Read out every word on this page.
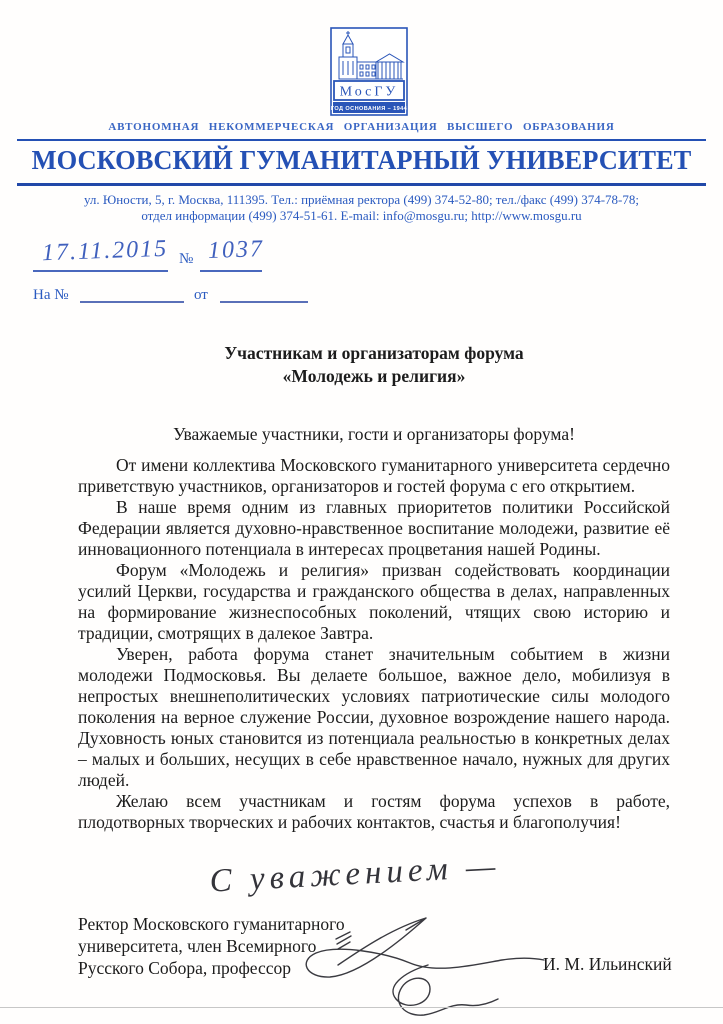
МосГУ
ГОД ОСНОВАНИЯ – 1944
АВТОНОМНАЯ НЕКОММЕРЧЕСКАЯ ОРГАНИЗАЦИЯ ВЫСШЕГО ОБРАЗОВАНИЯ
МОСКОВСКИЙ ГУМАНИТАРНЫЙ УНИВЕРСИТЕТ
ул. Юности, 5, г. Москва, 111395. Тел.: приёмная ректора (499) 374-52-80; тел./факс (499) 374-78-78;
отдел информации (499) 374-51-61. E-mail: info@mosgu.ru; http://www.mosgu.ru
17.11.2015 № 1037
На №	от
Участникам и организаторам форума
«Молодежь и религия»
Уважаемые участники, гости и организаторы форума!

От имени коллектива Московского гуманитарного университета сердечно приветствую участников, организаторов и гостей форума с его открытием.

В наше время одним из главных приоритетов политики Российской Федерации является духовно-нравственное воспитание молодежи, развитие её инновационного потенциала в интересах процветания нашей Родины.

Форум «Молодежь и религия» призван содействовать координации усилий Церкви, государства и гражданского общества в делах, направленных на формирование жизнеспособных поколений, чтящих свою историю и традиции, смотрящих в далекое Завтра.

Уверен, работа форума станет значительным событием в жизни молодежи Подмосковья. Вы делаете большое, важное дело, мобилизуя в непростых внешнеполитических условиях патриотические силы молодого поколения на верное служение России, духовное возрождение нашего народа. Духовность юных становится из потенциала реальностью в конкретных делах – малых и больших, несущих в себе нравственное начало, нужных для других людей.

Желаю всем участникам и гостям форума успехов в работе, плодотворных творческих и рабочих контактов, счастья и благополучия!

С уважением —
Ректор Московского гуманитарного
университета, член Всемирного
Русского Собора, профессор	И. М. Ильинский
